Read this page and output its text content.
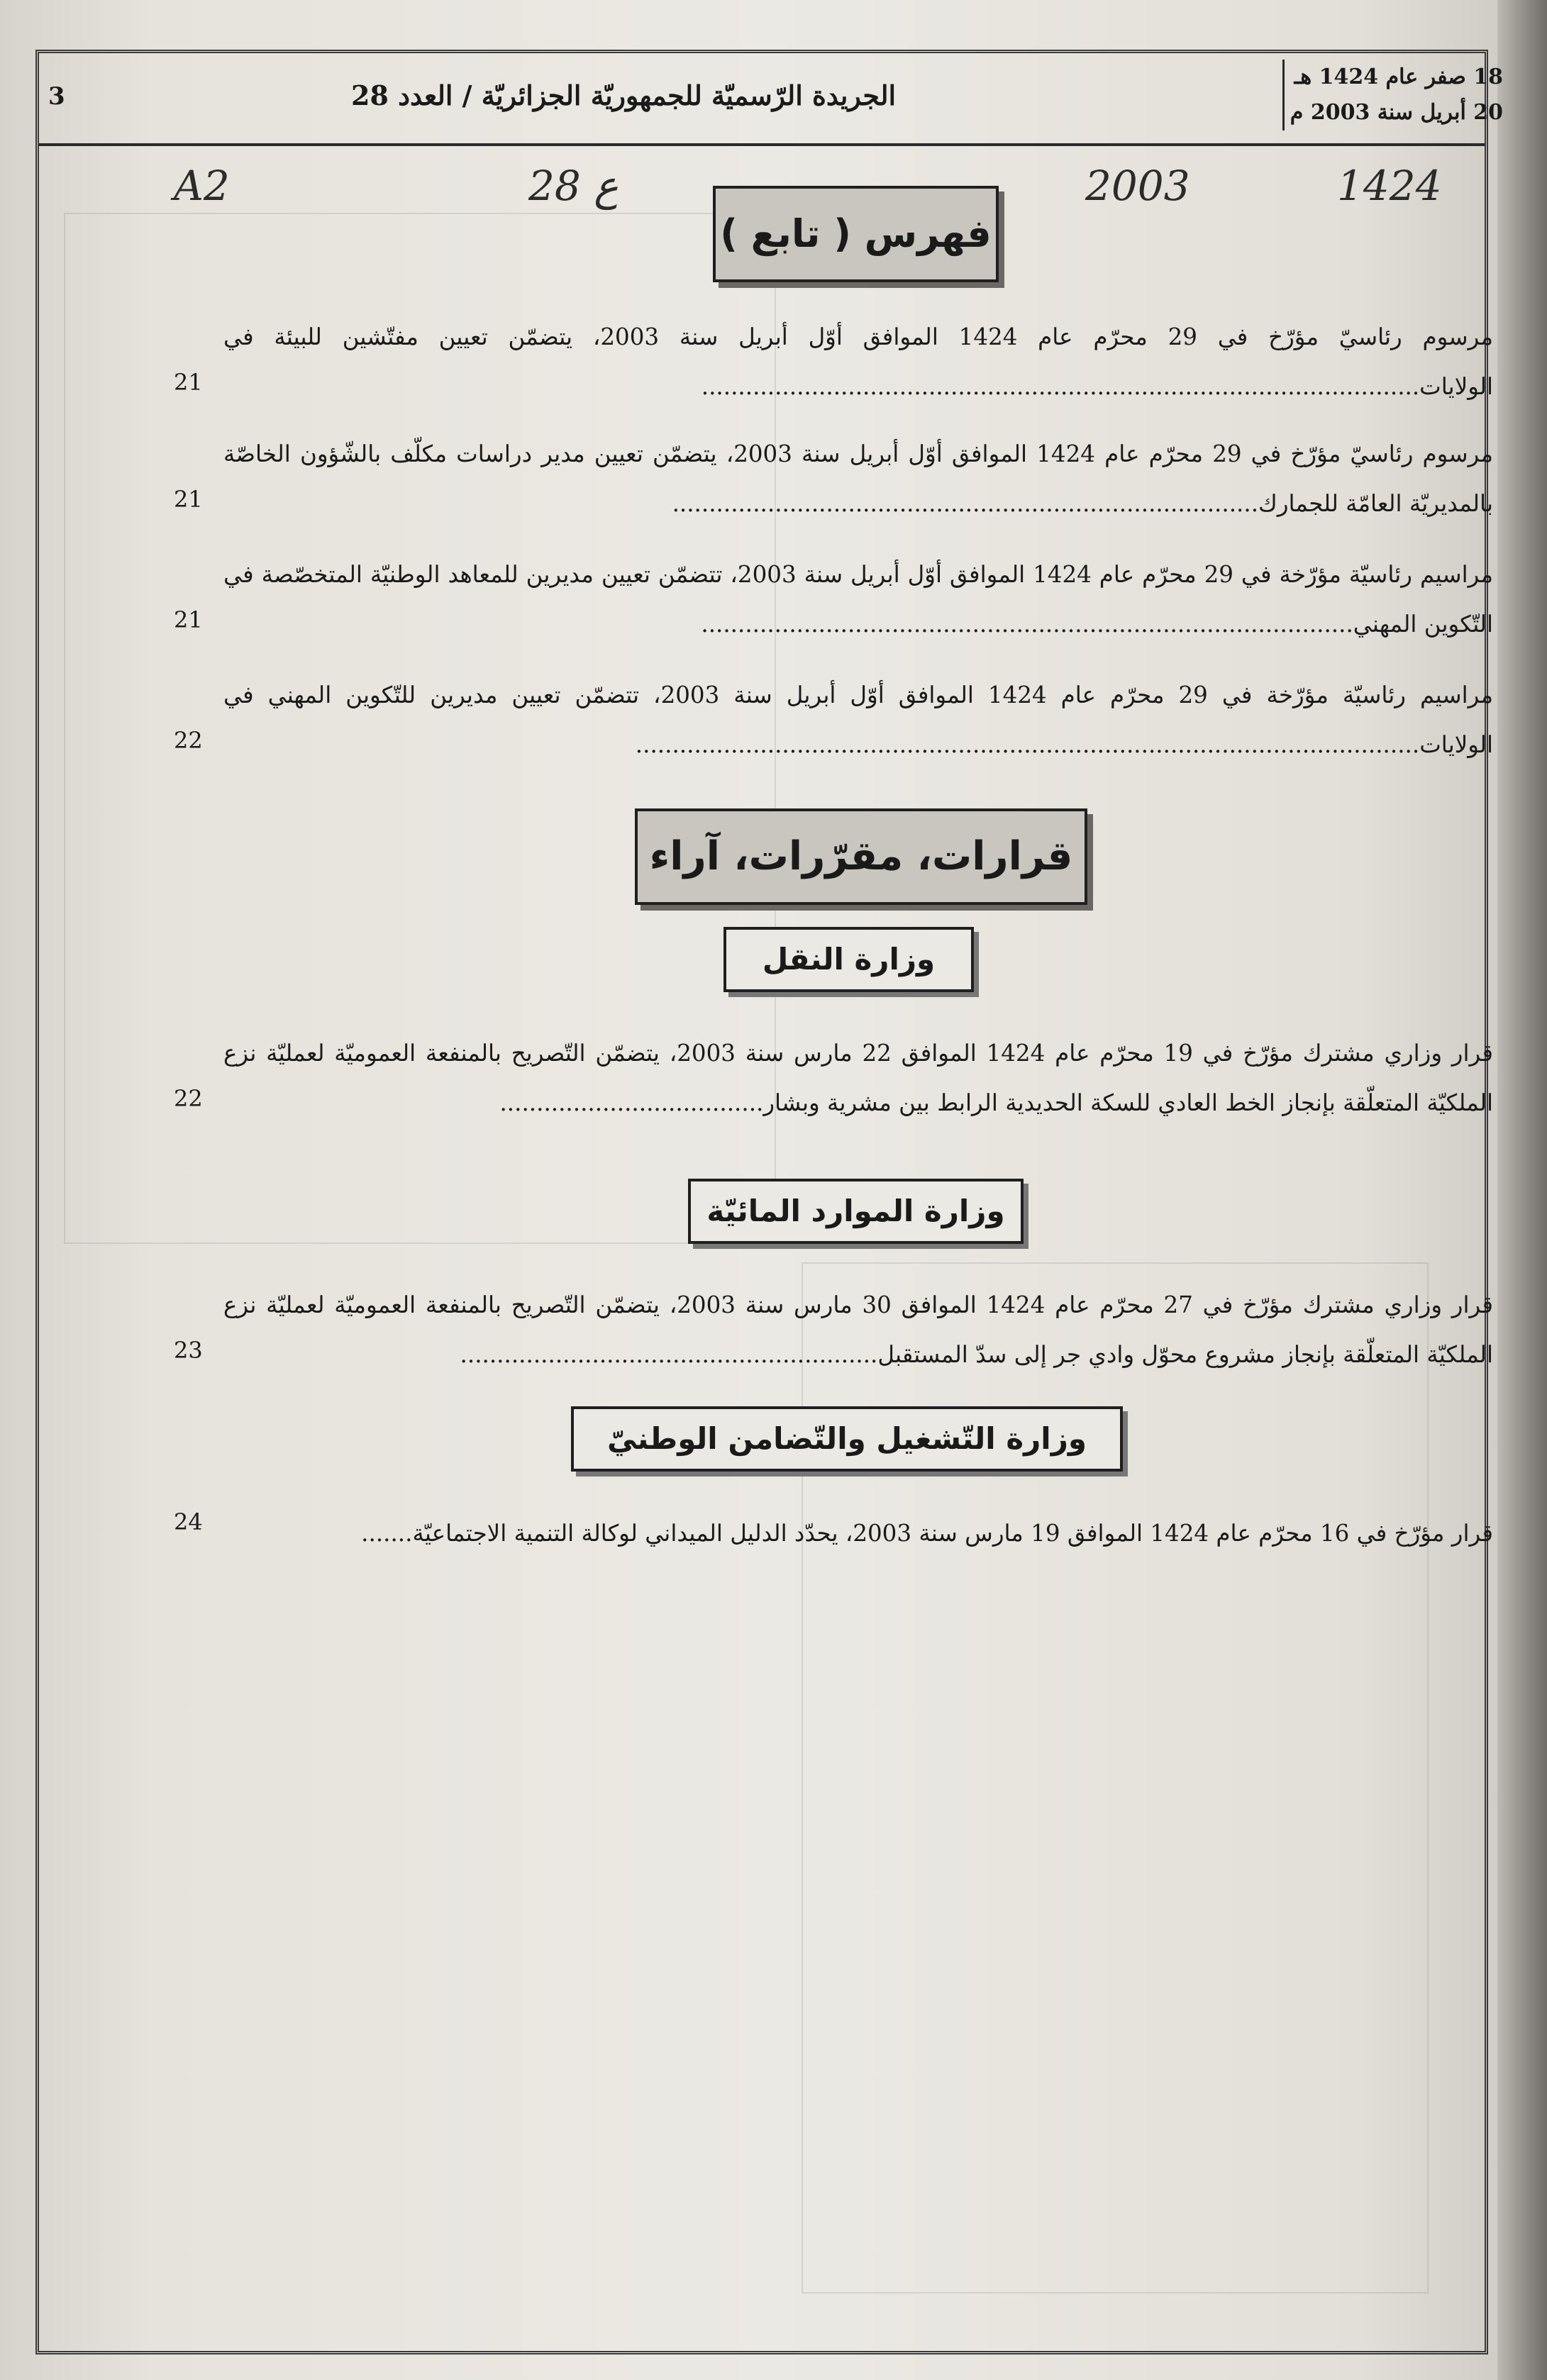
3	الجريدة الرّسميّة للجمهوريّة الجزائريّة / العدد 28
18 صفر عام 1424 هـ
20 أبريل سنة 2003 م
A2	28 ع	2003	1424
فهرس ( تابع )
مرسوم رئاسيّ مؤرّخ في 29 محرّم عام 1424 الموافق أوّل أبريل سنة 2003، يتضمّن تعيين مفتّشين للبيئة في الولايات..................................................................................................
21
مرسوم رئاسيّ مؤرّخ في 29 محرّم عام 1424 الموافق أوّل أبريل سنة 2003، يتضمّن تعيين مدير دراسات مكلّف بالشّؤون الخاصّة بالمديريّة العامّة للجمارك................................................................................
21
مراسيم رئاسيّة مؤرّخة في 29 محرّم عام 1424 الموافق أوّل أبريل سنة 2003، تتضمّن تعيين مديرين للمعاهد الوطنيّة المتخصّصة في التّكوين المهني.........................................................................................
21
مراسيم رئاسيّة مؤرّخة في 29 محرّم عام 1424 الموافق أوّل أبريل سنة 2003، تتضمّن تعيين مديرين للتّكوين المهني في الولايات...........................................................................................................
22
قرارات، مقرّرات، آراء
وزارة النقل
قرار وزاري مشترك مؤرّخ في 19 محرّم عام 1424 الموافق 22 مارس سنة 2003، يتضمّن التّصريح بالمنفعة العموميّة لعمليّة نزع الملكيّة المتعلّقة بإنجاز الخط العادي للسكة الحديدية الرابط بين مشرية وبشار....................................
22
وزارة الموارد المائيّة
قرار وزاري مشترك مؤرّخ في 27 محرّم عام 1424 الموافق 30 مارس سنة 2003، يتضمّن التّصريح بالمنفعة العموميّة لعمليّة نزع الملكيّة المتعلّقة بإنجاز مشروع محوّل وادي جر إلى سدّ المستقبل.........................................................
23
وزارة التّشغيل والتّضامن الوطنيّ
قرار مؤرّخ في 16 محرّم عام 1424 الموافق 19 مارس سنة 2003، يحدّد الدليل الميداني لوكالة التنمية الاجتماعيّة.......
24
